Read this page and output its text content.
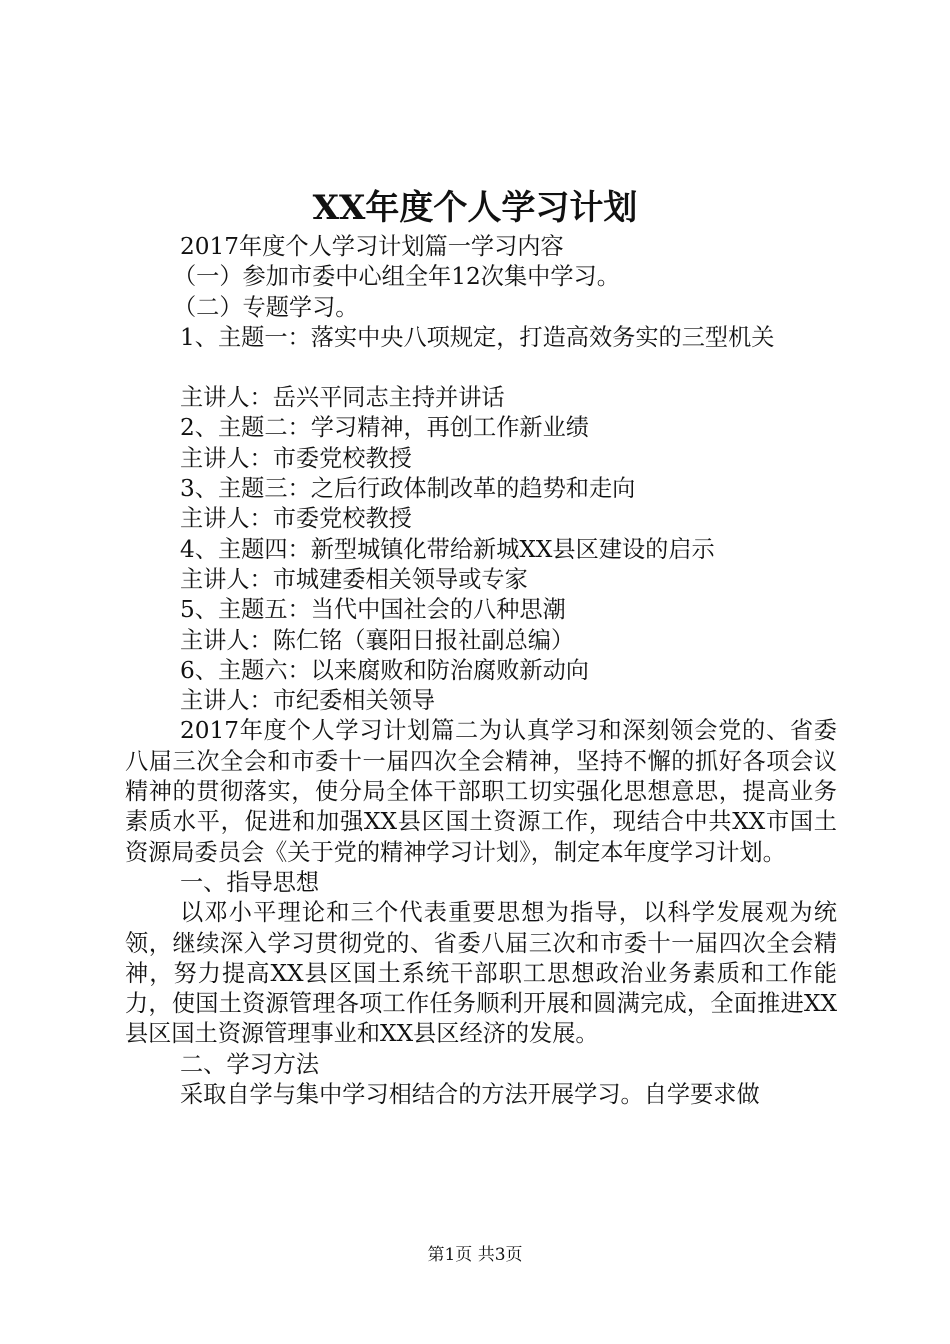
XX年度个人学习计划
2017年度个人学习计划篇一学习内容
（一）参加市委中心组全年12次集中学习。
（二）专题学习。
1、主题一：落实中央八项规定，打造高效务实的三型机关
主讲人：岳兴平同志主持并讲话
2、主题二：学习精神，再创工作新业绩
主讲人：市委党校教授
3、主题三：之后行政体制改革的趋势和走向
主讲人：市委党校教授
4、主题四：新型城镇化带给新城XX县区建设的启示
主讲人：市城建委相关领导或专家
5、主题五：当代中国社会的八种思潮
主讲人：陈仁铭（襄阳日报社副总编）
6、主题六：以来腐败和防治腐败新动向
主讲人：市纪委相关领导

2017年度个人学习计划篇二为认真学习和深刻领会党的、省委八届三次全会和市委十一届四次全会精神，坚持不懈的抓好各项会议精神的贯彻落实，使分局全体干部职工切实强化思想意思，提高业务素质水平，促进和加强XX县区国土资源工作，现结合中共XX市国土资源局委员会《关于党的精神学习计划》，制定本年度学习计划。

一、指导思想

以邓小平理论和三个代表重要思想为指导，以科学发展观为统领，继续深入学习贯彻党的、省委八届三次和市委十一届四次全会精神，努力提高XX县区国土系统干部职工思想政治业务素质和工作能力，使国土资源管理各项工作任务顺利开展和圆满完成，全面推进XX县区国土资源管理事业和XX县区经济的发展。

二、学习方法

采取自学与集中学习相结合的方法开展学习。自学要求做

第1页 共3页
